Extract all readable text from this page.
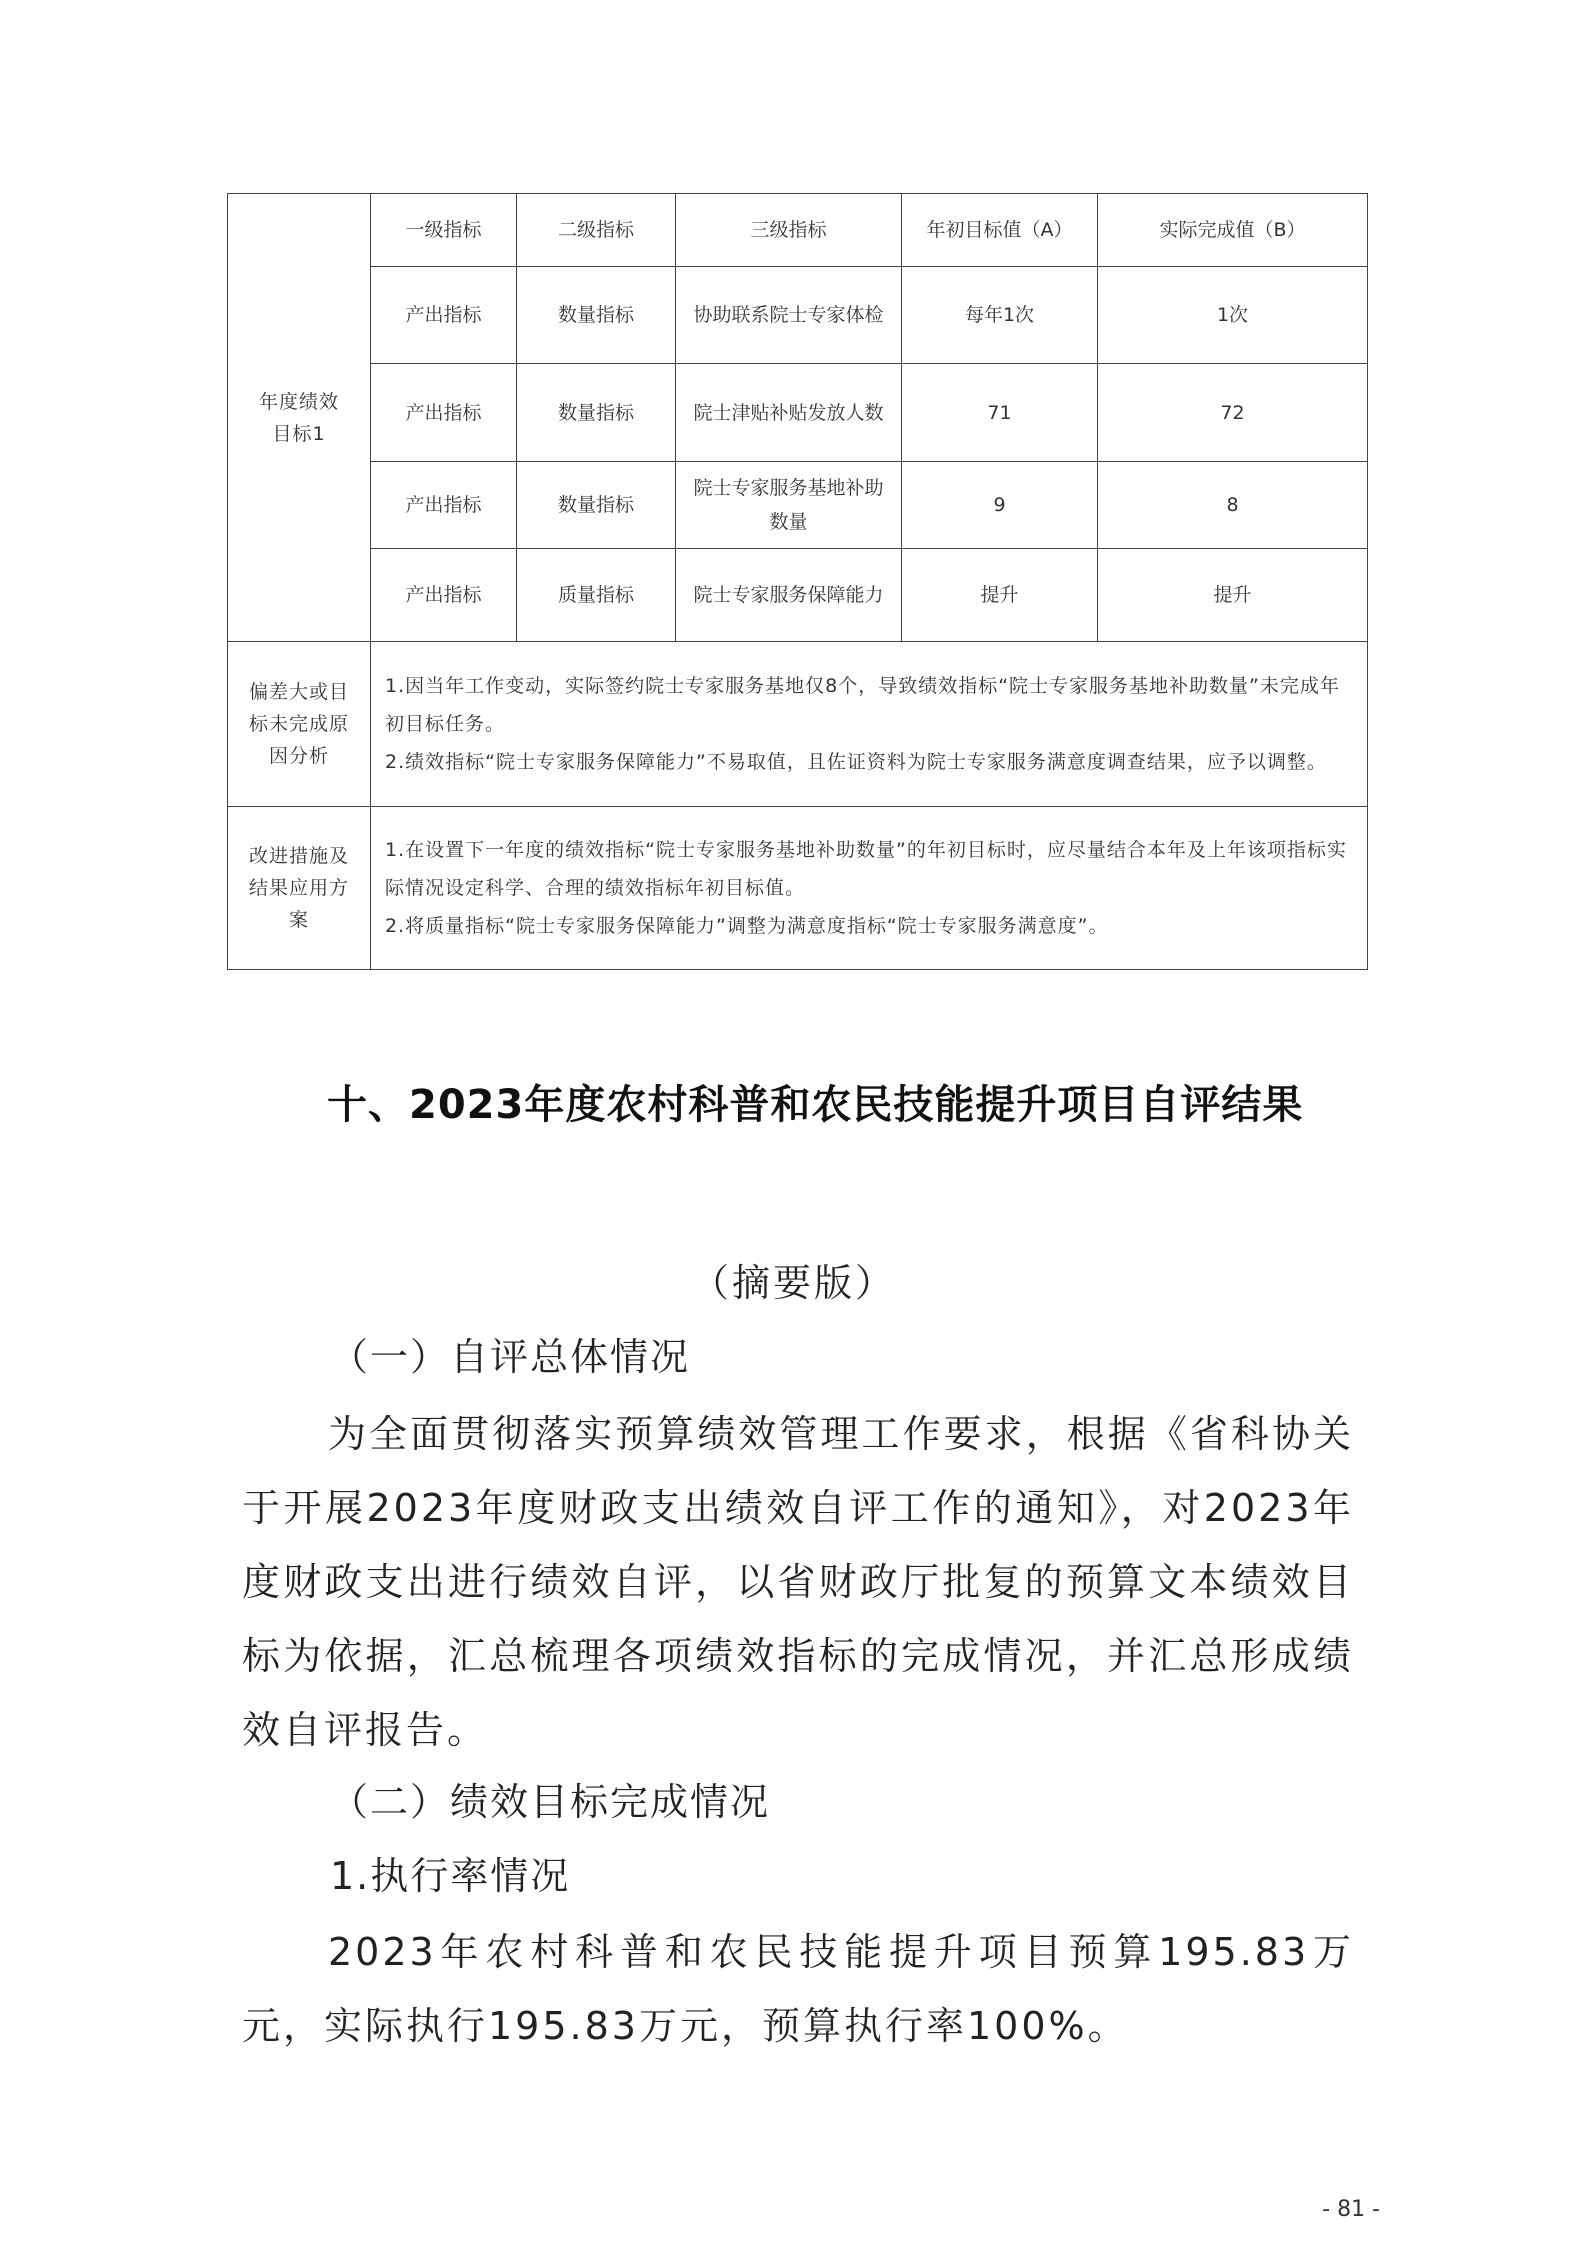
年度绩效目标1	一级指标	二级指标	三级指标	年初目标值（A）	实际完成值（B）
	产出指标	数量指标	协助联系院士专家体检	每年1次	1次
	产出指标	数量指标	院士津贴补贴发放人数	71	72
	产出指标	数量指标	院士专家服务基地补助数量	9	8
	产出指标	质量指标	院士专家服务保障能力	提升	提升
偏差大或目标未完成原因分析	1.因当年工作变动，实际签约院士专家服务基地仅8个，导致绩效指标“院士专家服务基地补助数量”未完成年初目标任务。
2.绩效指标“院士专家服务保障能力”不易取值，且佐证资料为院士专家服务满意度调查结果，应予以调整。				

改进措施及结果应用方案	1.在设置下一年度的绩效指标“院士专家服务基地补助数量”的年初目标时，应尽量结合本年及上年该项指标实际情况设定科学、合理的绩效指标年初目标值。
2.将质量指标“院士专家服务保障能力”调整为满意度指标“院士专家服务满意度”。				
十、2023年度农村科普和农民技能提升项目自评结果
（摘要版）
（一）自评总体情况
为全面贯彻落实预算绩效管理工作要求，根据《省科协关于开展2023年度财政支出绩效自评工作的通知》，对2023年度财政支出进行绩效自评，以省财政厅批复的预算文本绩效目标为依据，汇总梳理各项绩效指标的完成情况，并汇总形成绩效自评报告。
（二）绩效目标完成情况
1.执行率情况
2023年农村科普和农民技能提升项目预算195.83万元，实际执行195.83万元，预算执行率100%。
- 81 -
